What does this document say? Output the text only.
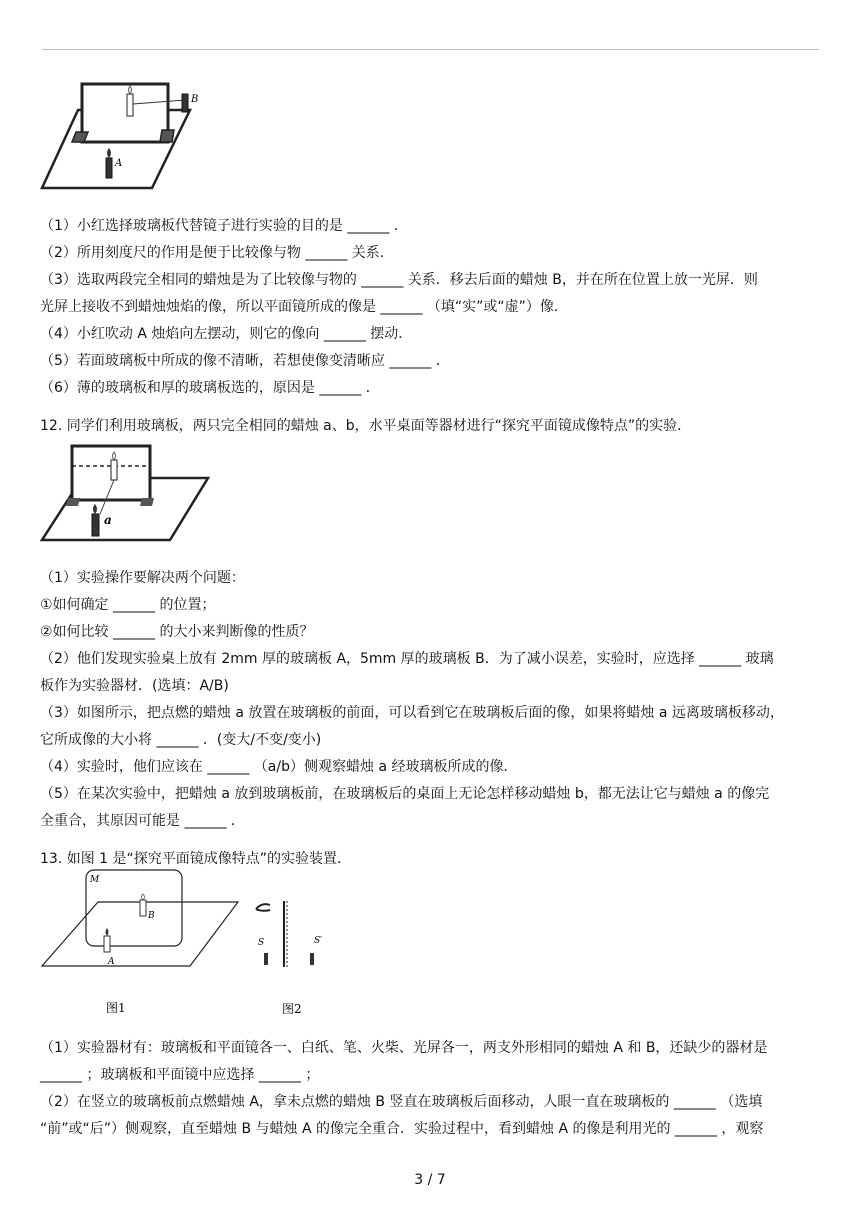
B
A
（1）小红选择玻璃板代替镜子进行实验的目的是 ______ ．
（2）所用刻度尺的作用是便于比较像与物 ______ 关系．
（3）选取两段完全相同的蜡烛是为了比较像与物的 ______ 关系．移去后面的蜡烛 B，并在所在位置上放一光屏．则
光屏上接收不到蜡烛烛焰的像，所以平面镜所成的像是 ______ （填“实”或“虚”）像．
（4）小红吹动 A 烛焰向左摆动，则它的像向 ______ 摆动．
（5）若面玻璃板中所成的像不清晰，若想使像变清晰应 ______ ．
（6）薄的玻璃板和厚的玻璃板选的，原因是 ______ ．
12. 同学们利用玻璃板，两只完全相同的蜡烛 a、b，水平桌面等器材进行“探究平面镜成像特点”的实验．
a
（1）实验操作要解决两个问题：
①如何确定 ______ 的位置；
②如何比较 ______ 的大小来判断像的性质？
（2）他们发现实验桌上放有 2mm 厚的玻璃板 A，5mm 厚的玻璃板 B．为了减小误差，实验时，应选择 ______ 玻璃
板作为实验器材．(选填：A/B)
（3）如图所示，把点燃的蜡烛 a 放置在玻璃板的前面，可以看到它在玻璃板后面的像，如果将蜡烛 a 远离玻璃板移动，
它所成像的大小将 ______ ．(变大/不变/变小)
（4）实验时，他们应该在 ______ （a/b）侧观察蜡烛 a 经玻璃板所成的像．
（5）在某次实验中，把蜡烛 a 放到玻璃板前，在玻璃板后的桌面上无论怎样移动蜡烛 b，都无法让它与蜡烛 a 的像完
全重合，其原因可能是 ______ ．
13. 如图 1 是“探究平面镜成像特点”的实验装置．
M
B
A
图1
S	S′
图2
（1）实验器材有：玻璃板和平面镜各一、白纸、笔、火柴、光屏各一，两支外形相同的蜡烛 A 和 B，还缺少的器材是
______ ；玻璃板和平面镜中应选择 ______ ；
（2）在竖立的玻璃板前点燃蜡烛 A，拿未点燃的蜡烛 B 竖直在玻璃板后面移动，人眼一直在玻璃板的 ______ （选填
“前”或“后”）侧观察，直至蜡烛 B 与蜡烛 A 的像完全重合．实验过程中，看到蜡烛 A 的像是利用光的 ______ ，观察
3 / 7
